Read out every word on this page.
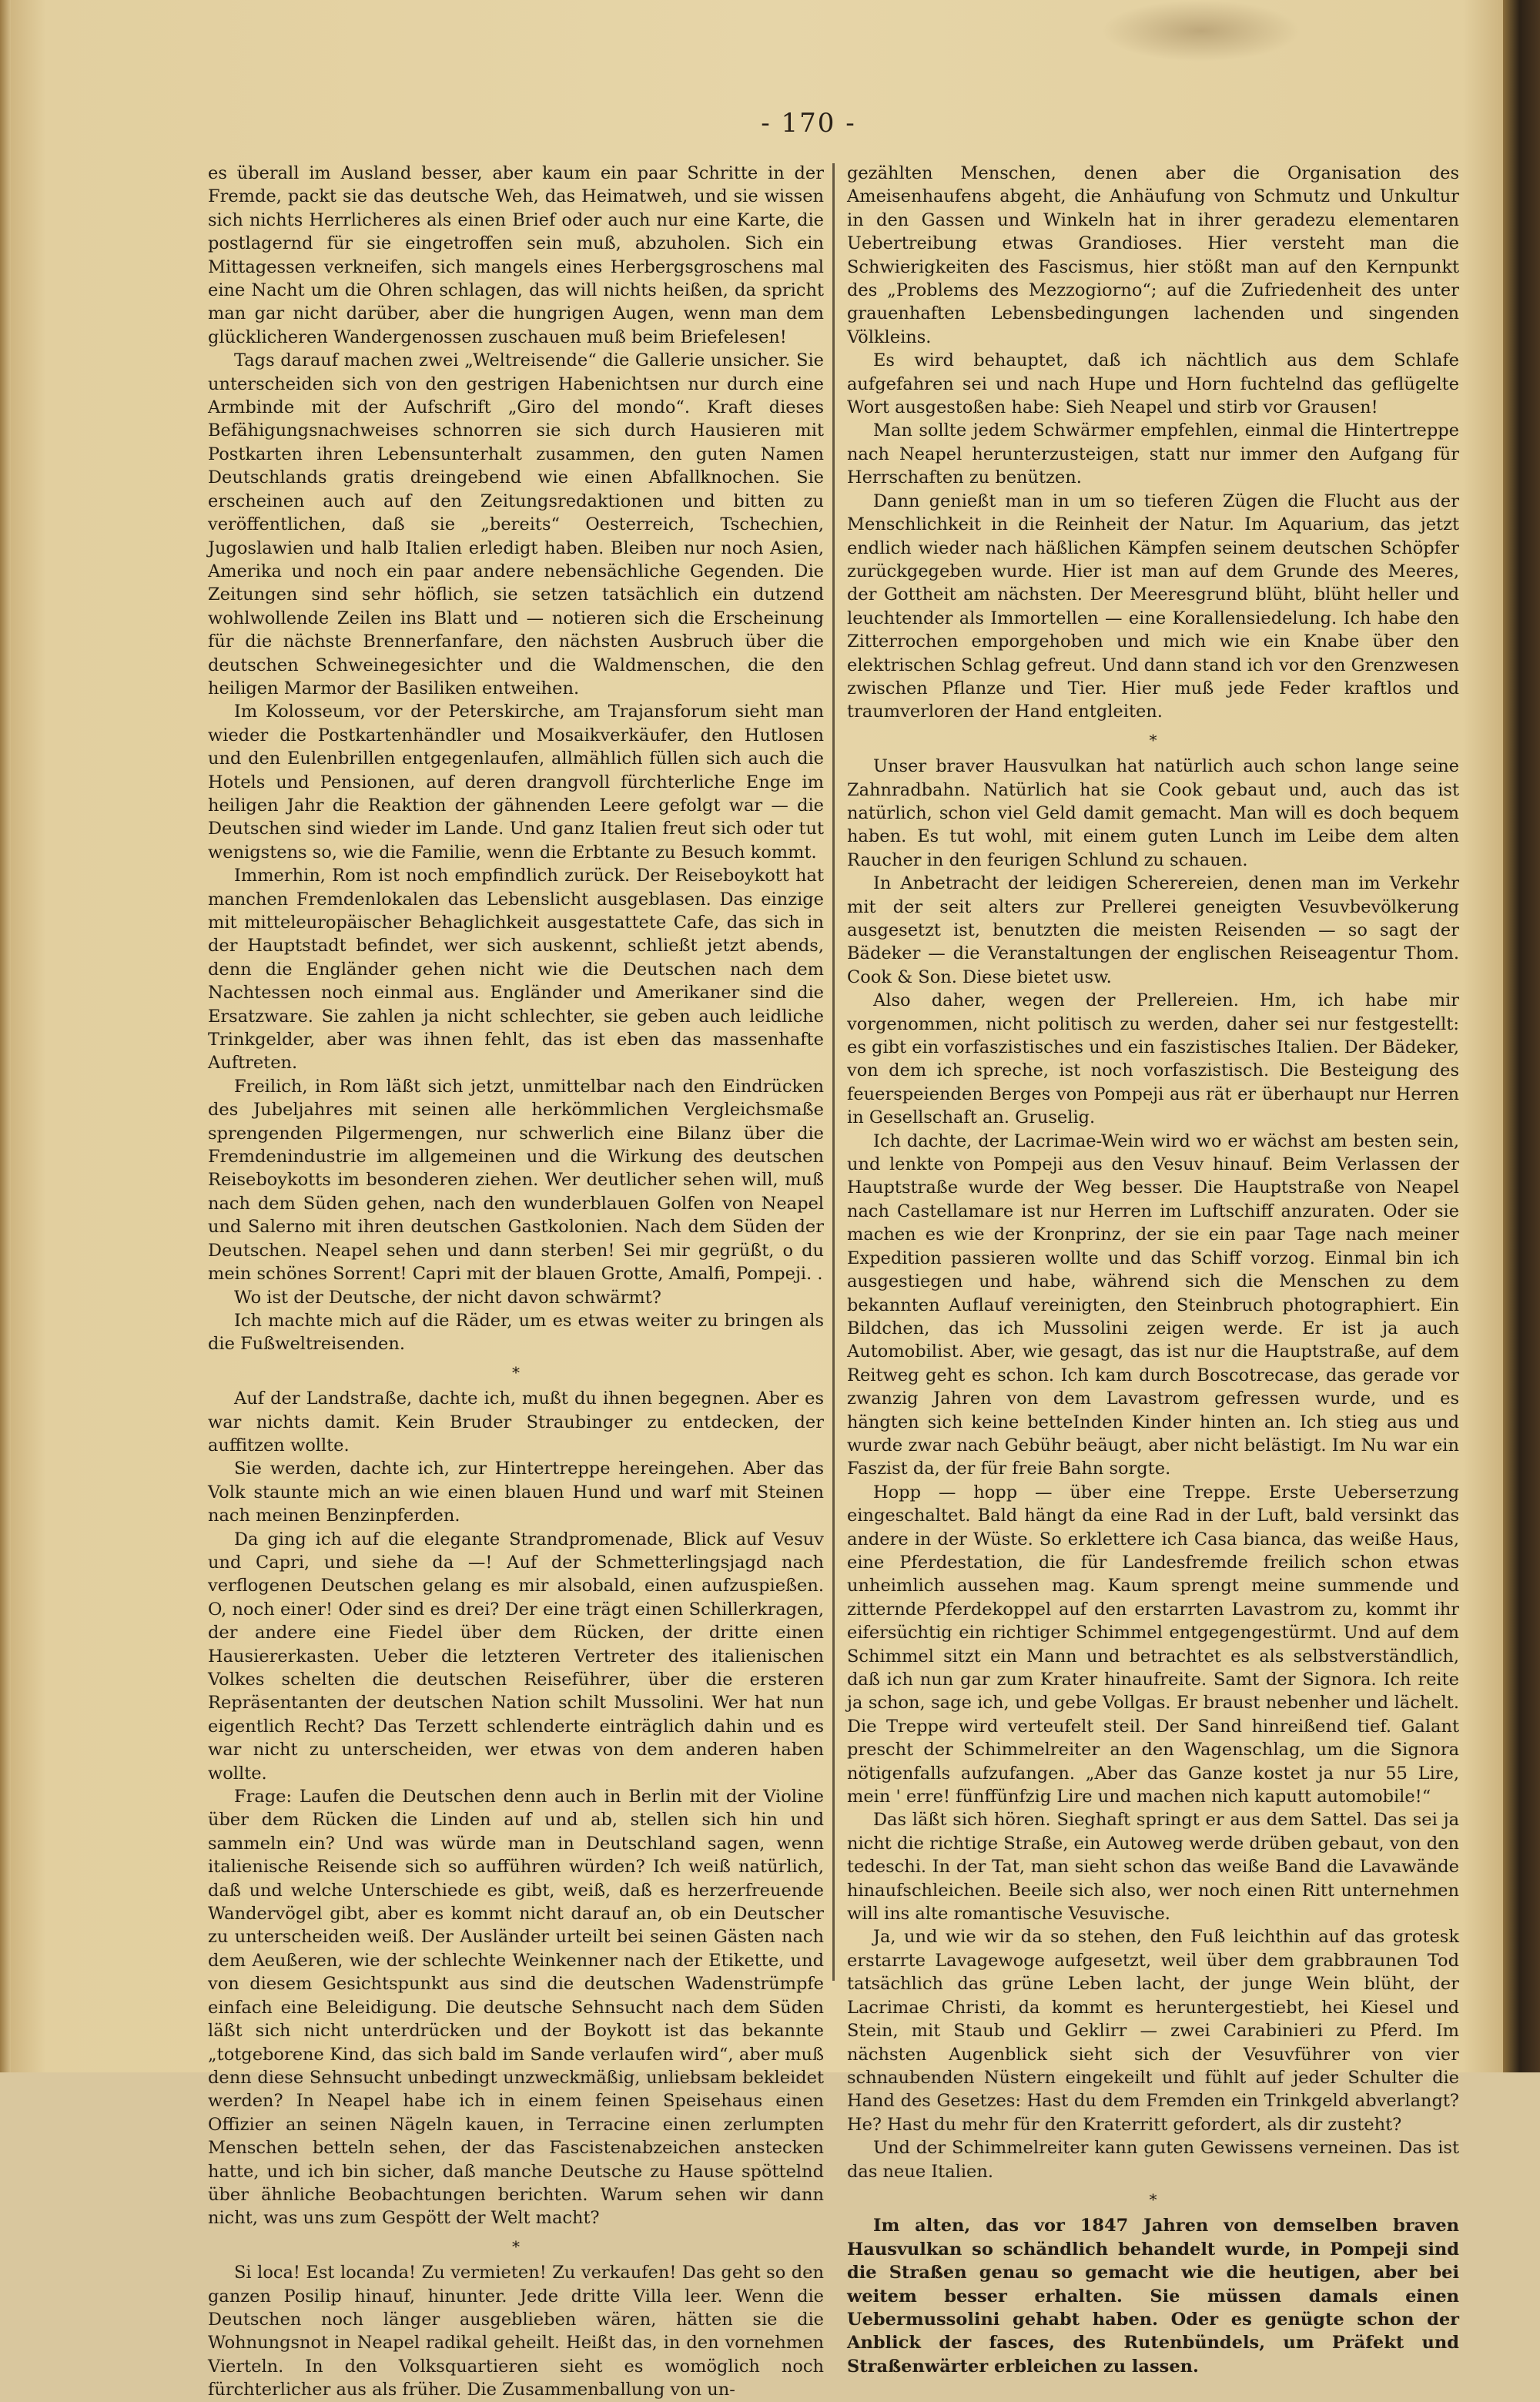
- 170 -

es überall im Ausland besser, aber kaum ein paar Schritte in der Fremde, packt sie das deutsche Weh, das Heimatweh, und sie wissen sich nichts Herrlicheres als einen Brief oder auch nur eine Karte, die postlagernd für sie eingetroffen sein muß, abzuholen. Sich ein Mittagessen verkneifen, sich mangels eines Herbergsgroschens mal eine Nacht um die Ohren schlagen, das will nichts heißen, da spricht man gar nicht darüber, aber die hungrigen Augen, wenn man dem glücklicheren Wandergenossen zuschauen muß beim Briefelesen!

Tags darauf machen zwei „Weltreisende“ die Gallerie unsicher. Sie unterscheiden sich von den gestrigen Habenichtsen nur durch eine Armbinde mit der Aufschrift „Giro del mondo“. Kraft dieses Befähigungsnachweises schnorren sie sich durch Hausieren mit Postkarten ihren Lebensunterhalt zusammen, den guten Namen Deutschlands gratis dreingebend wie einen Abfallknochen. Sie erscheinen auch auf den Zeitungsredaktionen und bitten zu veröffentlichen, daß sie „bereits“ Oesterreich, Tschechien, Jugoslawien und halb Italien erledigt haben. Bleiben nur noch Asien, Amerika und noch ein paar andere nebensächliche Gegenden. Die Zeitungen sind sehr höflich, sie setzen tatsächlich ein dutzend wohlwollende Zeilen ins Blatt und — notieren sich die Erscheinung für die nächste Brennerfanfare, den nächsten Ausbruch über die deutschen Schweinegesichter und die Waldmenschen, die den heiligen Marmor der Basiliken entweihen.

Im Kolosseum, vor der Peterskirche, am Trajansforum sieht man wieder die Postkartenhändler und Mosaikverkäufer, den Hutlosen und den Eulenbrillen entgegenlaufen, allmählich füllen sich auch die Hotels und Pensionen, auf deren drangvoll fürchterliche Enge im heiligen Jahr die Reaktion der gähnenden Leere gefolgt war — die Deutschen sind wieder im Lande. Und ganz Italien freut sich oder tut wenigstens so, wie die Familie, wenn die Erbtante zu Besuch kommt.

Immerhin, Rom ist noch empfindlich zurück. Der Reiseboykott hat manchen Fremdenlokalen das Lebenslicht ausgeblasen. Das einzige mit mitteleuropäischer Behaglichkeit ausgestattete Cafe, das sich in der Hauptstadt befindet, wer sich auskennt, schließt jetzt abends, denn die Engländer gehen nicht wie die Deutschen nach dem Nachtessen noch einmal aus. Engländer und Amerikaner sind die Ersatzware. Sie zahlen ja nicht schlechter, sie geben auch leidliche Trinkgelder, aber was ihnen fehlt, das ist eben das massenhafte Auftreten.

Freilich, in Rom läßt sich jetzt, unmittelbar nach den Eindrücken des Jubeljahres mit seinen alle herkömmlichen Vergleichsmaße sprengenden Pilgermengen, nur schwerlich eine Bilanz über die Fremdenindustrie im allgemeinen und die Wirkung des deutschen Reiseboykotts im besonderen ziehen. Wer deutlicher sehen will, muß nach dem Süden gehen, nach den wunderblauen Golfen von Neapel und Salerno mit ihren deutschen Gastkolonien. Nach dem Süden der Deutschen. Neapel sehen und dann sterben! Sei mir gegrüßt, o du mein schönes Sorrent! Capri mit der blauen Grotte, Amalfi, Pompeji. .

Wo ist der Deutsche, der nicht davon schwärmt?

Ich machte mich auf die Räder, um es etwas weiter zu bringen als die Fußweltreisenden.

*

Auf der Landstraße, dachte ich, mußt du ihnen begegnen. Aber es war nichts damit. Kein Bruder Straubinger zu entdecken, der auffitzen wollte.

Sie werden, dachte ich, zur Hintertreppe hereingehen. Aber das Volk staunte mich an wie einen blauen Hund und warf mit Steinen nach meinen Benzinpferden.

Da ging ich auf die elegante Strandpromenade, Blick auf Vesuv und Capri, und siehe da —! Auf der Schmetterlingsjagd nach verflogenen Deutschen gelang es mir alsobald, einen aufzuspießen. O, noch einer! Oder sind es drei? Der eine trägt einen Schillerkragen, der andere eine Fiedel über dem Rücken, der dritte einen Hausiererkasten. Ueber die letzteren Vertreter des italienischen Volkes schelten die deutschen Reiseführer, über die ersteren Repräsentanten der deutschen Nation schilt Mussolini. Wer hat nun eigentlich Recht? Das Terzett schlenderte einträglich dahin und es war nicht zu unterscheiden, wer etwas von dem anderen haben wollte.

Frage: Laufen die Deutschen denn auch in Berlin mit der Violine über dem Rücken die Linden auf und ab, stellen sich hin und sammeln ein? Und was würde man in Deutschland sagen, wenn italienische Reisende sich so aufführen würden? Ich weiß natürlich, daß und welche Unterschiede es gibt, weiß, daß es herzerfreuende Wandervögel gibt, aber es kommt nicht darauf an, ob ein Deutscher zu unterscheiden weiß. Der Ausländer urteilt bei seinen Gästen nach dem Aeußeren, wie der schlechte Weinkenner nach der Etikette, und von diesem Gesichtspunkt aus sind die deutschen Wadenstrümpfe einfach eine Beleidigung. Die deutsche Sehnsucht nach dem Süden läßt sich nicht unterdrücken und der Boykott ist das bekannte „totgeborene Kind, das sich bald im Sande verlaufen wird“, aber muß denn diese Sehnsucht unbedingt unzweckmäßig, unliebsam bekleidet werden? In Neapel habe ich in einem feinen Speisehaus einen Offizier an seinen Nägeln kauen, in Terracine einen zerlumpten Menschen betteln sehen, der das Fascistenabzeichen anstecken hatte, und ich bin sicher, daß manche Deutsche zu Hause spöttelnd über ähnliche Beobachtungen berichten. Warum sehen wir dann nicht, was uns zum Gespött der Welt macht?

*

Si loca! Est locanda! Zu vermieten! Zu verkaufen! Das geht so den ganzen Posilip hinauf, hinunter. Jede dritte Villa leer. Wenn die Deutschen noch länger ausgeblieben wären, hätten sie die Wohnungsnot in Neapel radikal geheilt. Heißt das, in den vornehmen Vierteln. In den Volksquartieren sieht es womöglich noch fürchterlicher aus als früher. Die Zusammenballung von un-

gezählten Menschen, denen aber die Organisation des Ameisenhaufens abgeht, die Anhäufung von Schmutz und Unkultur in den Gassen und Winkeln hat in ihrer geradezu elementaren Uebertreibung etwas Grandioses. Hier versteht man die Schwierigkeiten des Fascismus, hier stößt man auf den Kernpunkt des „Problems des Mezzogiorno“; auf die Zufriedenheit des unter grauenhaften Lebensbedingungen lachenden und singenden Völkleins.

Es wird behauptet, daß ich nächtlich aus dem Schlafe aufgefahren sei und nach Hupe und Horn fuchtelnd das geflügelte Wort ausgestoßen habe: Sieh Neapel und stirb vor Grausen!

Man sollte jedem Schwärmer empfehlen, einmal die Hintertreppe nach Neapel herunterzusteigen, statt nur immer den Aufgang für Herrschaften zu benützen.

Dann genießt man in um so tieferen Zügen die Flucht aus der Menschlichkeit in die Reinheit der Natur. Im Aquarium, das jetzt endlich wieder nach häßlichen Kämpfen seinem deutschen Schöpfer zurückgegeben wurde. Hier ist man auf dem Grunde des Meeres, der Gottheit am nächsten. Der Meeresgrund blüht, blüht heller und leuchtender als Immortellen — eine Korallensiedelung. Ich habe den Zitterrochen emporgehoben und mich wie ein Knabe über den elektrischen Schlag gefreut. Und dann stand ich vor den Grenzwesen zwischen Pflanze und Tier. Hier muß jede Feder kraftlos und traumverloren der Hand entgleiten.

*

Unser braver Hausvulkan hat natürlich auch schon lange seine Zahnradbahn. Natürlich hat sie Cook gebaut und, auch das ist natürlich, schon viel Geld damit gemacht. Man will es doch bequem haben. Es tut wohl, mit einem guten Lunch im Leibe dem alten Raucher in den feurigen Schlund zu schauen.

In Anbetracht der leidigen Scherereien, denen man im Verkehr mit der seit alters zur Prellerei geneigten Vesuvbevölkerung ausgesetzt ist, benutzten die meisten Reisenden — so sagt der Bädeker — die Veranstaltungen der englischen Reiseagentur Thom. Cook & Son. Diese bietet usw.

Also daher, wegen der Prellereien. Hm, ich habe mir vorgenommen, nicht politisch zu werden, daher sei nur festgestellt: es gibt ein vorfaszistisches und ein faszistisches Italien. Der Bädeker, von dem ich spreche, ist noch vorfaszistisch. Die Besteigung des feuerspeienden Berges von Pompeji aus rät er überhaupt nur Herren in Gesellschaft an. Gruselig.

Ich dachte, der Lacrimae-Wein wird wo er wächst am besten sein, und lenkte von Pompeji aus den Vesuv hinauf. Beim Verlassen der Hauptstraße wurde der Weg besser. Die Hauptstraße von Neapel nach Castellamare ist nur Herren im Luftschiff anzuraten. Oder sie machen es wie der Kronprinz, der sie ein paar Tage nach meiner Expedition passieren wollte und das Schiff vorzog. Einmal bin ich ausgestiegen und habe, während sich die Menschen zu dem bekannten Auflauf vereinigten, den Steinbruch photographiert. Ein Bildchen, das ich Mussolini zeigen werde. Er ist ja auch Automobilist. Aber, wie gesagt, das ist nur die Hauptstraße, auf dem Reitweg geht es schon. Ich kam durch Boscotrecase, das gerade vor zwanzig Jahren von dem Lavastrom gefressen wurde, und es hängten sich keine betteInden Kinder hinten an. Ich stieg aus und wurde zwar nach Gebühr beäugt, aber nicht belästigt. Im Nu war ein Faszist da, der für freie Bahn sorgte.

Hopp — hopp — über eine Treppe. Erste Ueberseтzung eingeschaltet. Bald hängt da eine Rad in der Luft, bald versinkt das andere in der Wüste. So erklettere ich Casa bianca, das weiße Haus, eine Pferdestation, die für Landesfremde freilich schon etwas unheimlich aussehen mag. Kaum sprengt meine summende und zitternde Pferdekoppel auf den erstarrten Lavastrom zu, kommt ihr eifersüchtig ein richtiger Schimmel entgegengestürmt. Und auf dem Schimmel sitzt ein Mann und betrachtet es als selbstverständlich, daß ich nun gar zum Krater hinaufreite. Samt der Signora. Ich reite ja schon, sage ich, und gebe Vollgas. Er braust nebenher und lächelt. Die Treppe wird verteufelt steil. Der Sand hinreißend tief. Galant prescht der Schimmelreiter an den Wagenschlag, um die Signora nötigenfalls aufzufangen. „Aber das Ganze kostet ja nur 55 Lire, mein ' erre! fünffünfzig Lire und machen nich kaputt automobile!“

Das läßt sich hören. Sieghaft springt er aus dem Sattel. Das sei ja nicht die richtige Straße, ein Autoweg werde drüben gebaut, von den tedeschi. In der Tat, man sieht schon das weiße Band die Lavawände hinaufschleichen. Beeile sich also, wer noch einen Ritt unternehmen will ins alte romantische Vesuvische.

Ja, und wie wir da so stehen, den Fuß leichthin auf das grotesk erstarrte Lavagewoge aufgesetzt, weil über dem grabbraunen Tod tatsächlich das grüne Leben lacht, der junge Wein blüht, der Lacrimae Christi, da kommt es heruntergestiebt, hei Kiesel und Stein, mit Staub und Geklirr — zwei Carabinieri zu Pferd. Im nächsten Augenblick sieht sich der Vesuvführer von vier schnaubenden Nüstern eingekeilt und fühlt auf jeder Schulter die Hand des Gesetzes: Hast du dem Fremden ein Trinkgeld abverlangt? He? Hast du mehr für den Kraterritt gefordert, als dir zusteht?

Und der Schimmelreiter kann guten Gewissens verneinen. Das ist das neue Italien.

*

Im alten, das vor 1847 Jahren von demselben braven Hausvulkan so schändlich behandelt wurde, in Pompeji sind die Straßen genau so gemacht wie die heutigen, aber bei weitem besser erhalten. Sie müssen damals einen Uebermussolini gehabt haben. Oder es genügte schon der Anblick der fasces, des Rutenbündels, um Präfekt und Straßenwärter erbleichen zu lassen.
